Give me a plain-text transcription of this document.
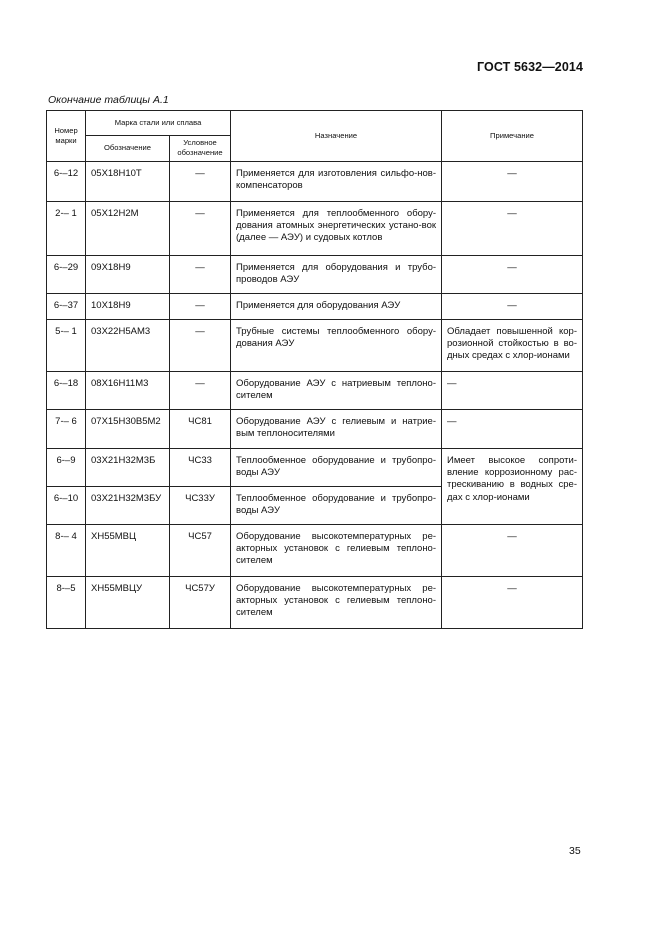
ГОСТ 5632—2014
Окончание таблицы А.1
Номер марки	Марка стали или сплава		Назначение	Примечание
	Обозначение	Условное обозначение		
6-–12	05Х18Н10Т	—	Применяется для изготовления сильфо-нов-компенсаторов	—
2-– 1	05Х12Н2М	—	Применяется для теплообменного обору-дования атомных энергетических устано-вок (далее — АЭУ) и судовых котлов	—
6-–29	09Х18Н9	—	Применяется для оборудования и трубо-проводов АЭУ	—
6-–37	10Х18Н9	—	Применяется для оборудования АЭУ	—
5-– 1	03Х22Н5АМ3	—	Трубные системы теплообменного обору-дования АЭУ	Обладает повышенной кор-розионной стойкостью в во-дных средах с хлор-ионами
6-–18	08Х16Н11М3	—	Оборудование АЭУ с натриевым теплоно-сителем	—
7-– 6	07Х15Н30В5М2	ЧС81	Оборудование АЭУ с гелиевым и натрие-вым теплоносителями	—
6-–9	03Х21Н32М3Б	ЧС33	Теплообменное оборудование и трубопро-воды АЭУ	Имеет высокое сопроти-вление коррозионному рас-трескиванию в водных сре-дах с хлор-ионами
6-–10	03Х21Н32М3БУ	ЧС33У	Теплообменное оборудование и трубопро-воды АЭУ	
8-– 4	ХН55МВЦ	ЧС57	Оборудование высокотемпературных ре-акторных установок с гелиевым теплоно-сителем	—
8-–5	ХН55МВЦУ	ЧС57У	Оборудование высокотемпературных ре-акторных установок с гелиевым теплоно-сителем	—
35
